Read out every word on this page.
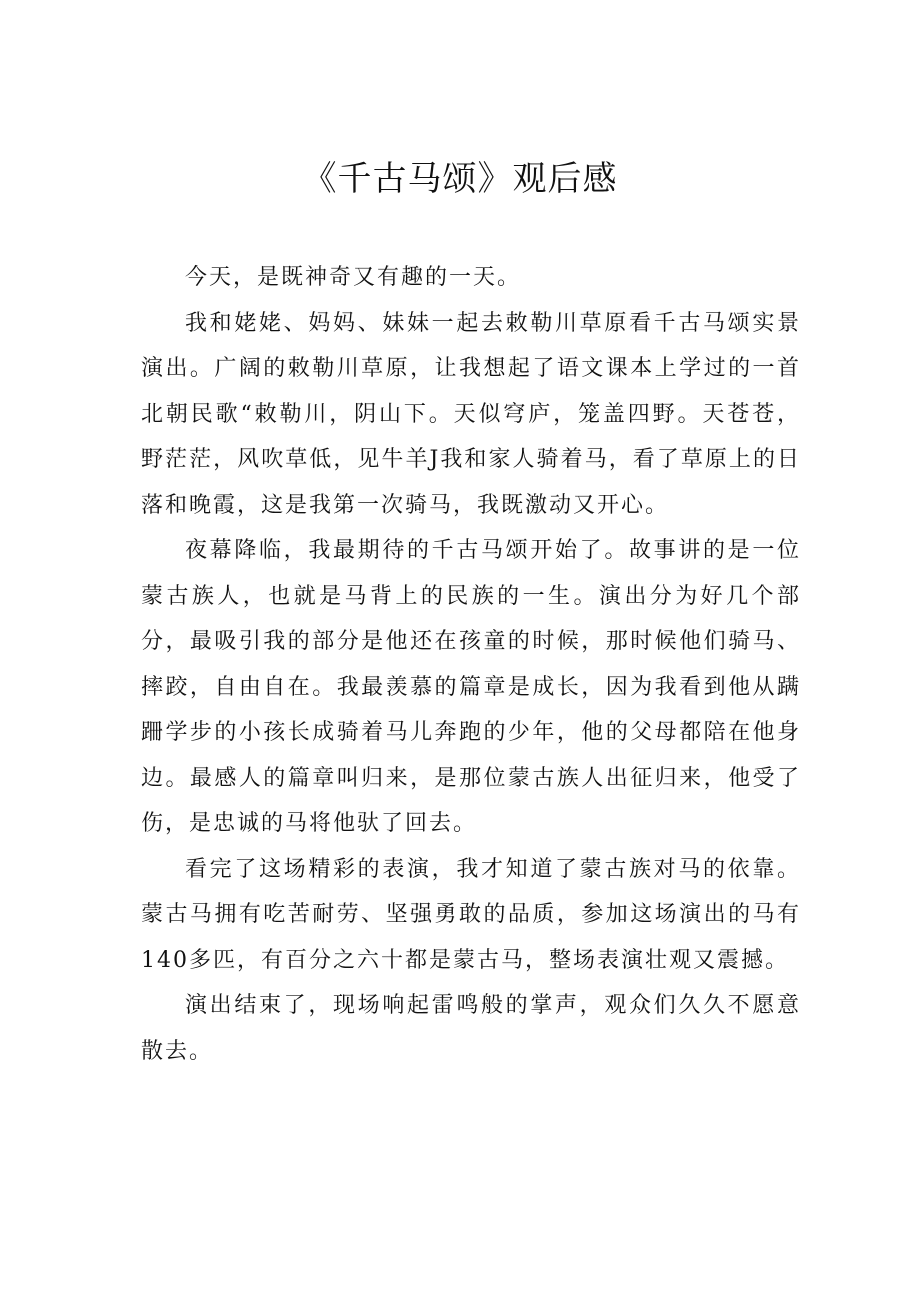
《千古马颂》观后感

今天，是既神奇又有趣的一天。

我和姥姥、妈妈、妹妹一起去敕勒川草原看千古马颂实景演出。广阔的敕勒川草原，让我想起了语文课本上学过的一首北朝民歌“敕勒川，阴山下。天似穹庐，笼盖四野。天苍苍，野茫茫，风吹草低，见牛羊J我和家人骑着马，看了草原上的日落和晚霞，这是我第一次骑马，我既激动又开心。

夜幕降临，我最期待的千古马颂开始了。故事讲的是一位蒙古族人，也就是马背上的民族的一生。演出分为好几个部分，最吸引我的部分是他还在孩童的时候，那时候他们骑马、摔跤，自由自在。我最羡慕的篇章是成长，因为我看到他从蹒跚学步的小孩长成骑着马儿奔跑的少年，他的父母都陪在他身边。最感人的篇章叫归来，是那位蒙古族人出征归来，他受了伤，是忠诚的马将他驮了回去。

看完了这场精彩的表演，我才知道了蒙古族对马的依靠。蒙古马拥有吃苦耐劳、坚强勇敢的品质，参加这场演出的马有140多匹，有百分之六十都是蒙古马，整场表演壮观又震撼。

演出结束了，现场响起雷鸣般的掌声，观众们久久不愿意散去。
